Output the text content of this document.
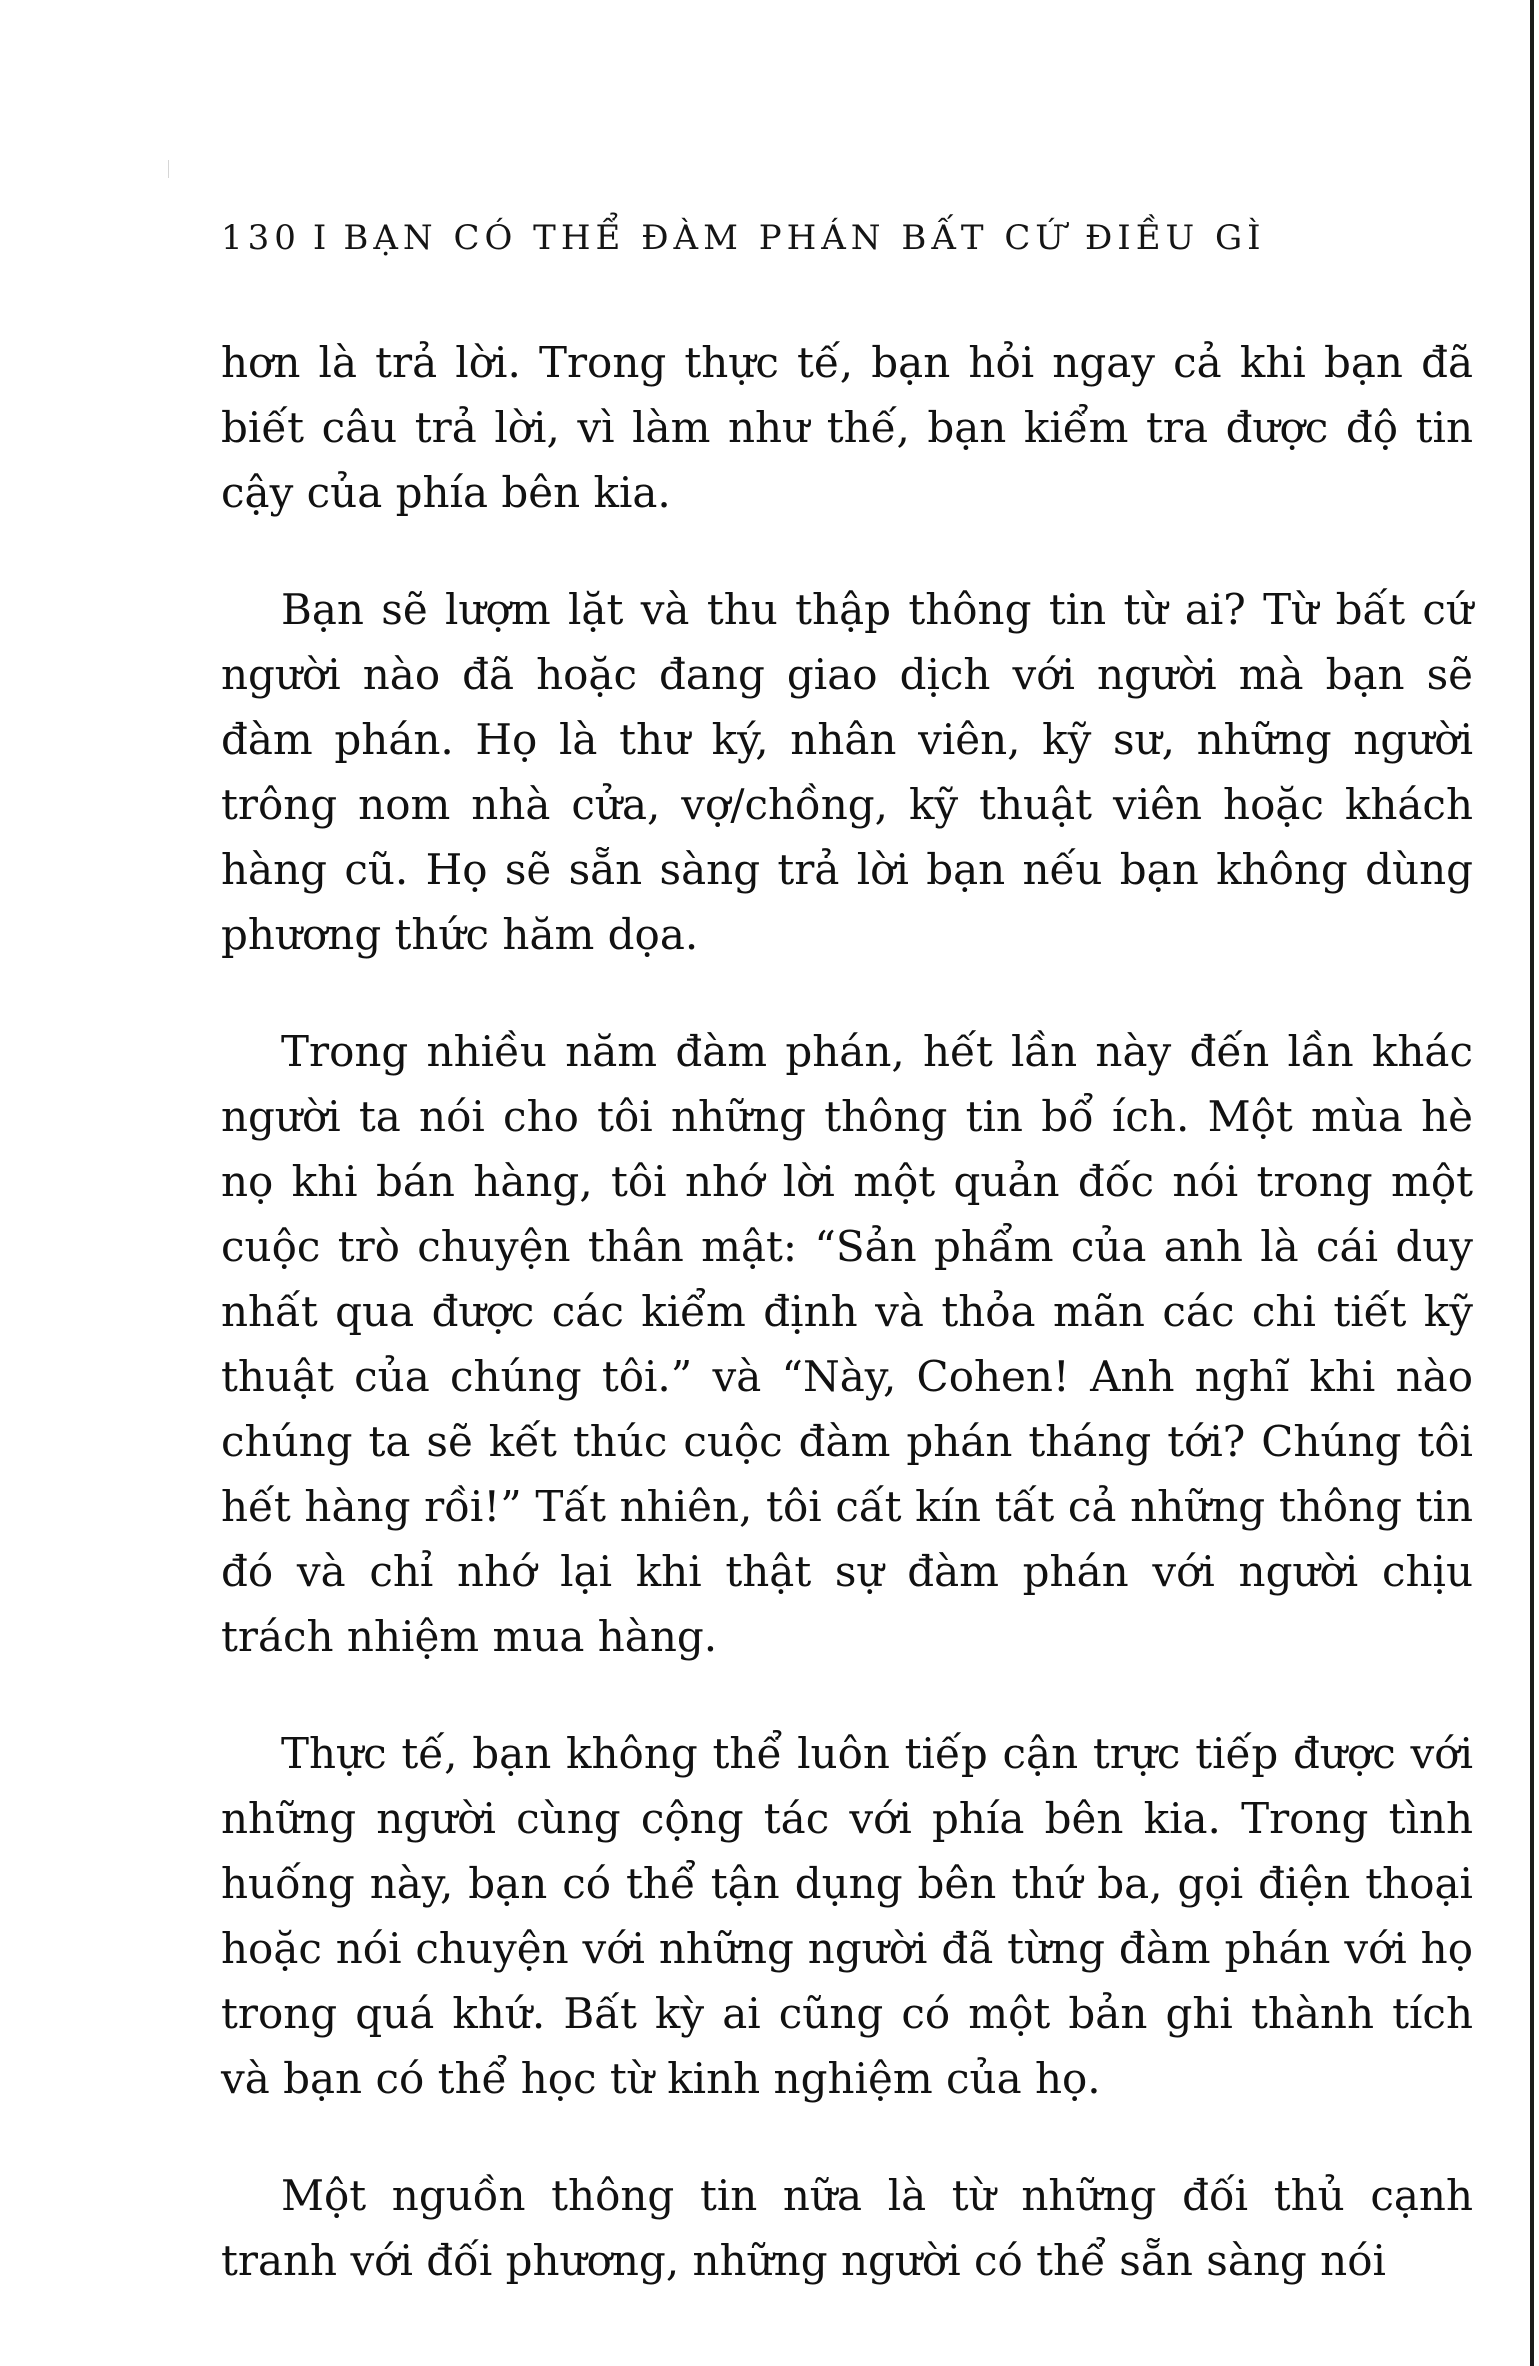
130 I BẠN CÓ THỂ ĐÀM PHÁN BẤT CỨ ĐIỀU GÌ

hơn là trả lời. Trong thực tế, bạn hỏi ngay cả khi bạn đã biết câu trả lời, vì làm như thế, bạn kiểm tra được độ tin cậy của phía bên kia.

Bạn sẽ lượm lặt và thu thập thông tin từ ai? Từ bất cứ người nào đã hoặc đang giao dịch với người mà bạn sẽ đàm phán. Họ là thư ký, nhân viên, kỹ sư, những người trông nom nhà cửa, vợ/chồng, kỹ thuật viên hoặc khách hàng cũ. Họ sẽ sẵn sàng trả lời bạn nếu bạn không dùng phương thức hăm dọa.

Trong nhiều năm đàm phán, hết lần này đến lần khác người ta nói cho tôi những thông tin bổ ích. Một mùa hè nọ khi bán hàng, tôi nhớ lời một quản đốc nói trong một cuộc trò chuyện thân mật: “Sản phẩm của anh là cái duy nhất qua được các kiểm định và thỏa mãn các chi tiết kỹ thuật của chúng tôi.” và “Này, Cohen! Anh nghĩ khi nào chúng ta sẽ kết thúc cuộc đàm phán tháng tới? Chúng tôi hết hàng rồi!” Tất nhiên, tôi cất kín tất cả những thông tin đó và chỉ nhớ lại khi thật sự đàm phán với người chịu trách nhiệm mua hàng.

Thực tế, bạn không thể luôn tiếp cận trực tiếp được với những người cùng cộng tác với phía bên kia. Trong tình huống này, bạn có thể tận dụng bên thứ ba, gọi điện thoại hoặc nói chuyện với những người đã từng đàm phán với họ trong quá khứ. Bất kỳ ai cũng có một bản ghi thành tích và bạn có thể học từ kinh nghiệm của họ.

Một nguồn thông tin nữa là từ những đối thủ cạnh tranh với đối phương, những người có thể sẵn sàng nói
